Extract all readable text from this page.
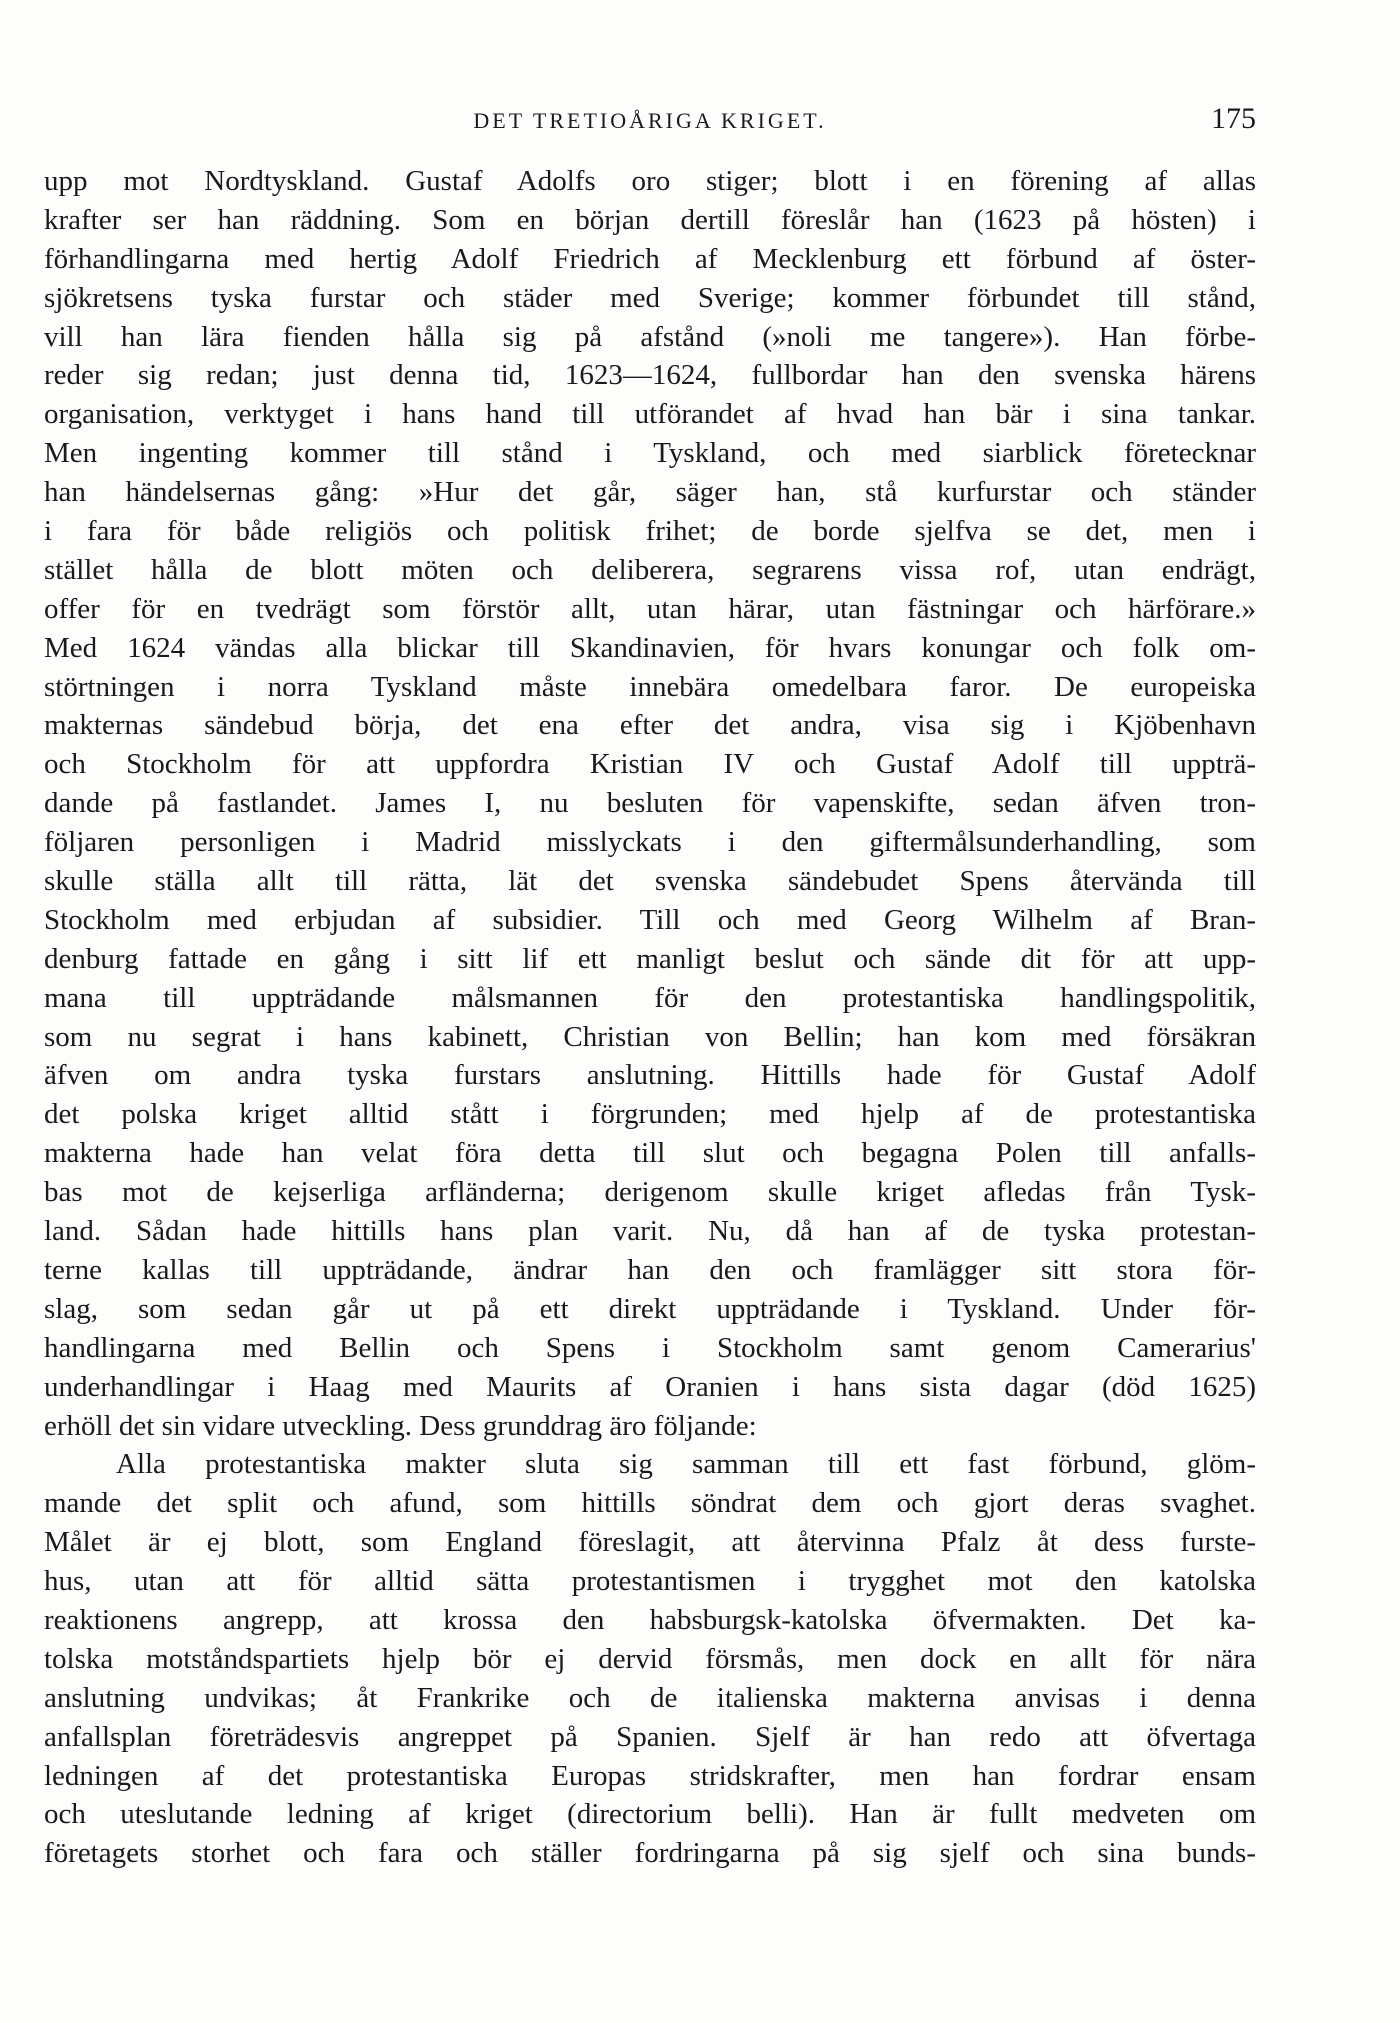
DET TRETIOÅRIGA KRIGET.	175
upp mot Nordtyskland. Gustaf Adolfs oro stiger; blott i en förening af allas
krafter ser han räddning. Som en början dertill föreslår han (1623 på hösten) i
förhandlingarna med hertig Adolf Friedrich af Mecklenburg ett förbund af öster-
sjökretsens tyska furstar och städer med Sverige; kommer förbundet till stånd,
vill han lära fienden hålla sig på afstånd (»noli me tangere»). Han förbe-
reder sig redan; just denna tid, 1623—1624, fullbordar han den svenska härens
organisation, verktyget i hans hand till utförandet af hvad han bär i sina tankar.
Men ingenting kommer till stånd i Tyskland, och med siarblick företecknar
han händelsernas gång: »Hur det går, säger han, stå kurfurstar och ständer
i fara för både religiös och politisk frihet; de borde sjelfva se det, men i
stället hålla de blott möten och deliberera, segrarens vissa rof, utan endrägt,
offer för en tvedrägt som förstör allt, utan härar, utan fästningar och härförare.»
Med 1624 vändas alla blickar till Skandinavien, för hvars konungar och folk om-
störtningen i norra Tyskland måste innebära omedelbara faror. De europeiska
makternas sändebud börja, det ena efter det andra, visa sig i Kjöbenhavn
och Stockholm för att uppfordra Kristian IV och Gustaf Adolf till uppträ-
dande på fastlandet. James I, nu besluten för vapenskifte, sedan äfven tron-
följaren personligen i Madrid misslyckats i den giftermålsunderhandling, som
skulle ställa allt till rätta, lät det svenska sändebudet Spens återvända till
Stockholm med erbjudan af subsidier. Till och med Georg Wilhelm af Bran-
denburg fattade en gång i sitt lif ett manligt beslut och sände dit för att upp-
mana till uppträdande målsmannen för den protestantiska handlingspolitik,
som nu segrat i hans kabinett, Christian von Bellin; han kom med försäkran
äfven om andra tyska furstars anslutning. Hittills hade för Gustaf Adolf
det polska kriget alltid stått i förgrunden; med hjelp af de protestantiska
makterna hade han velat föra detta till slut och begagna Polen till anfalls-
bas mot de kejserliga arfländerna; derigenom skulle kriget afledas från Tysk-
land. Sådan hade hittills hans plan varit. Nu, då han af de tyska protestan-
terne kallas till uppträdande, ändrar han den och framlägger sitt stora för-
slag, som sedan går ut på ett direkt uppträdande i Tyskland. Under för-
handlingarna med Bellin och Spens i Stockholm samt genom Camerarius'
underhandlingar i Haag med Maurits af Oranien i hans sista dagar (död 1625)
erhöll det sin vidare utveckling. Dess grunddrag äro följande:
Alla protestantiska makter sluta sig samman till ett fast förbund, glöm-
mande det split och afund, som hittills söndrat dem och gjort deras svaghet.
Målet är ej blott, som England föreslagit, att återvinna Pfalz åt dess furste-
hus, utan att för alltid sätta protestantismen i trygghet mot den katolska
reaktionens angrepp, att krossa den habsburgsk-katolska öfvermakten. Det ka-
tolska motståndspartiets hjelp bör ej dervid försmås, men dock en allt för nära
anslutning undvikas; åt Frankrike och de italienska makterna anvisas i denna
anfallsplan företrädesvis angreppet på Spanien. Sjelf är han redo att öfvertaga
ledningen af det protestantiska Europas stridskrafter, men han fordrar ensam
och uteslutande ledning af kriget (directorium belli). Han är fullt medveten om
företagets storhet och fara och ställer fordringarna på sig sjelf och sina bunds-
